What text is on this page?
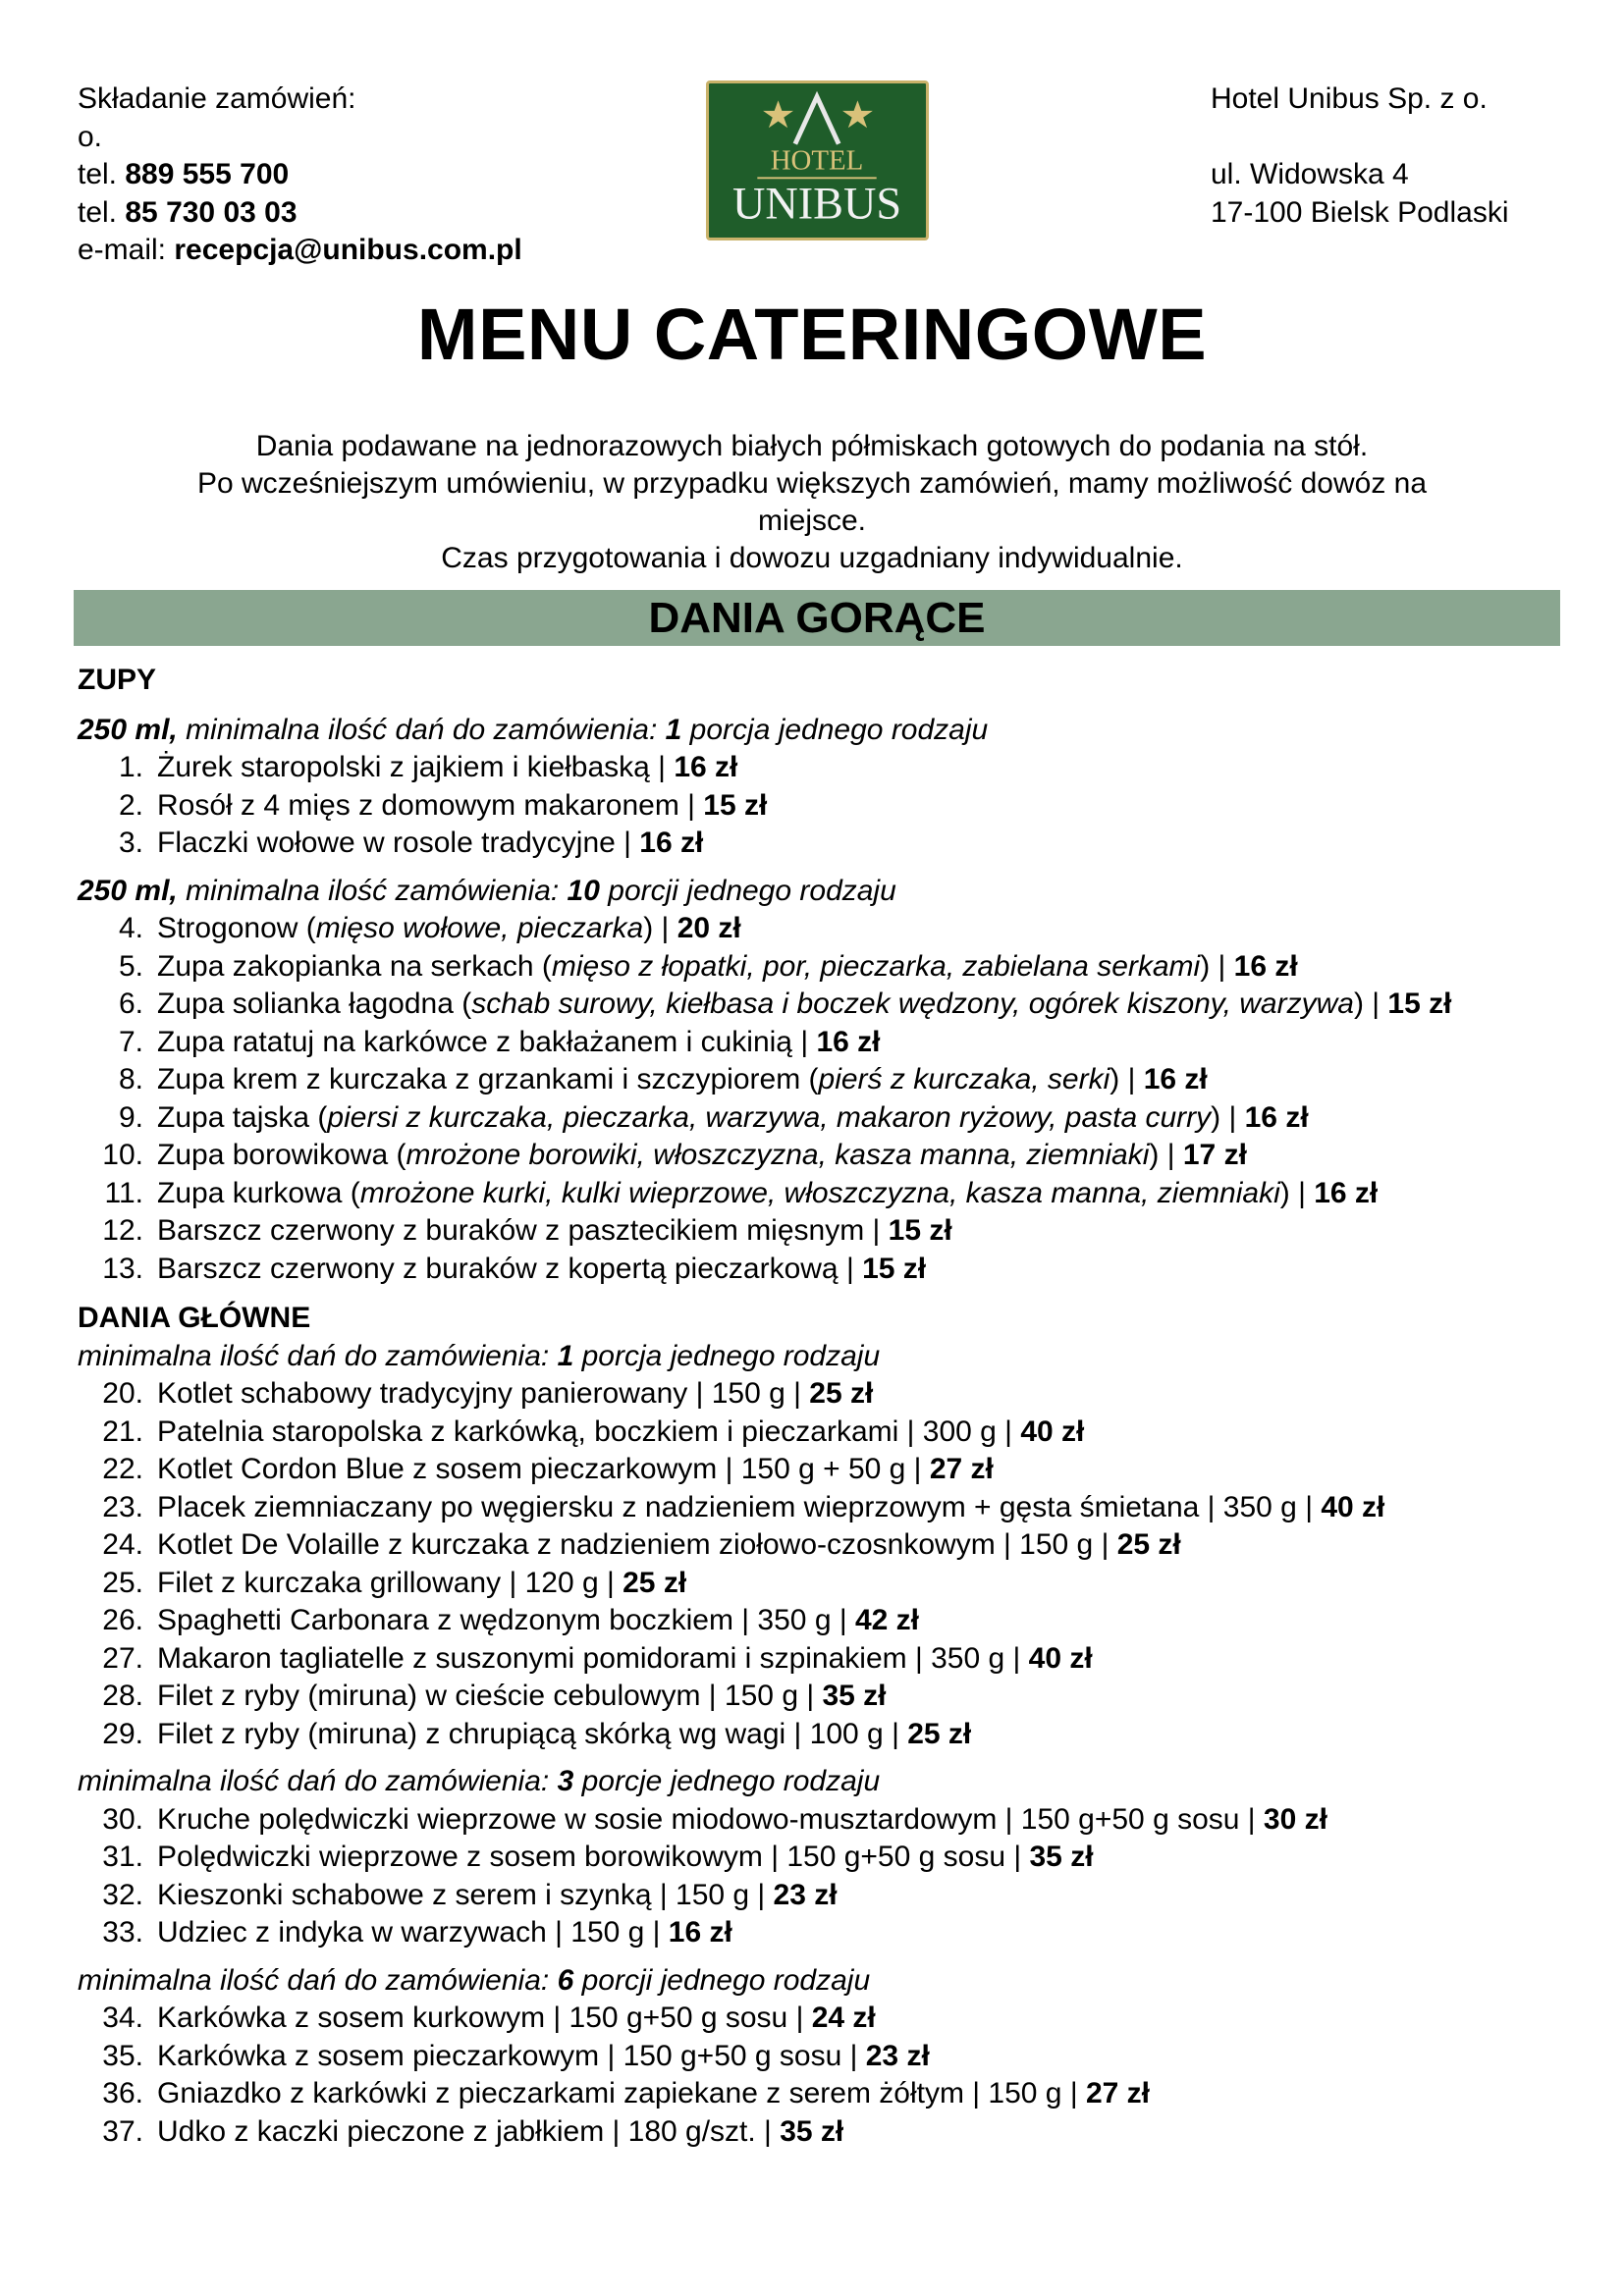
Składanie zamówień:
o.
tel. 889 555 700
tel. 85 730 03 03
e-mail: recepcja@unibus.com.pl
HOTEL
UNIBUS
Hotel Unibus Sp. z o.
ul. Widowska 4
17-100 Bielsk Podlaski
MENU CATERINGOWE
Dania podawane na jednorazowych białych półmiskach gotowych do podania na stół.
Po wcześniejszym umówieniu, w przypadku większych zamówień, mamy możliwość dowóz na
miejsce.
Czas przygotowania i dowozu uzgadniany indywidualnie.
DANIA GORĄCE

ZUPY

250 ml, minimalna ilość dań do zamówienia: 1 porcja jednego rodzaju

1. Żurek staropolski z jajkiem i kiełbaską | 16 zł
2. Rosół z 4 mięs z domowym makaronem | 15 zł
3. Flaczki wołowe w rosole tradycyjne | 16 zł

250 ml, minimalna ilość zamówienia: 10 porcji jednego rodzaju

4. Strogonow (mięso wołowe, pieczarka) | 20 zł
5. Zupa zakopianka na serkach (mięso z łopatki, por, pieczarka, zabielana serkami) | 16 zł
6. Zupa solianka łagodna (schab surowy, kiełbasa i boczek wędzony, ogórek kiszony, warzywa) | 15 zł
7. Zupa ratatuj na karkówce z bakłażanem i cukinią | 16 zł
8. Zupa krem z kurczaka z grzankami i szczypiorem (pierś z kurczaka, serki) | 16 zł
9. Zupa tajska (piersi z kurczaka, pieczarka, warzywa, makaron ryżowy, pasta curry) | 16 zł
10. Zupa borowikowa (mrożone borowiki, włoszczyzna, kasza manna, ziemniaki) | 17 zł
11. Zupa kurkowa (mrożone kurki, kulki wieprzowe, włoszczyzna, kasza manna, ziemniaki) | 16 zł
12. Barszcz czerwony z buraków z pasztecikiem mięsnym | 15 zł
13. Barszcz czerwony z buraków z kopertą pieczarkową | 15 zł

DANIA GŁÓWNE

minimalna ilość dań do zamówienia: 1 porcja jednego rodzaju

20. Kotlet schabowy tradycyjny panierowany | 150 g | 25 zł
21. Patelnia staropolska z karkówką, boczkiem i pieczarkami | 300 g | 40 zł
22. Kotlet Cordon Blue z sosem pieczarkowym | 150 g + 50 g | 27 zł
23. Placek ziemniaczany po węgiersku z nadzieniem wieprzowym + gęsta śmietana | 350 g | 40 zł
24. Kotlet De Volaille z kurczaka z nadzieniem ziołowo-czosnkowym | 150 g | 25 zł
25. Filet z kurczaka grillowany | 120 g | 25 zł
26. Spaghetti Carbonara z wędzonym boczkiem | 350 g | 42 zł
27. Makaron tagliatelle z suszonymi pomidorami i szpinakiem | 350 g | 40 zł
28. Filet z ryby (miruna) w cieście cebulowym | 150 g | 35 zł
29. Filet z ryby (miruna) z chrupiącą skórką wg wagi | 100 g | 25 zł

minimalna ilość dań do zamówienia: 3 porcje jednego rodzaju

30. Kruche polędwiczki wieprzowe w sosie miodowo-musztardowym | 150 g+50 g sosu | 30 zł
31. Polędwiczki wieprzowe z sosem borowikowym | 150 g+50 g sosu | 35 zł
32. Kieszonki schabowe z serem i szynką | 150 g | 23 zł
33. Udziec z indyka w warzywach | 150 g | 16 zł

minimalna ilość dań do zamówienia: 6 porcji jednego rodzaju

34. Karkówka z sosem kurkowym | 150 g+50 g sosu | 24 zł
35. Karkówka z sosem pieczarkowym | 150 g+50 g sosu | 23 zł
36. Gniazdko z karkówki z pieczarkami zapiekane z serem żółtym | 150 g | 27 zł
37. Udko z kaczki pieczone z jabłkiem | 180 g/szt. | 35 zł
